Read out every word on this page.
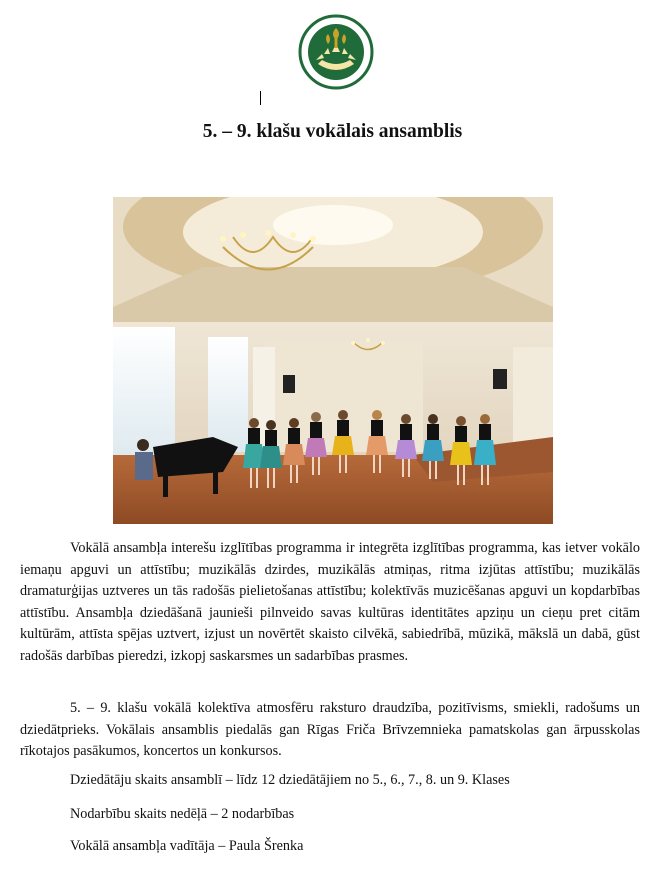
5. – 9. klašu vokālais ansamblis

Vokālā ansambļa interešu izglītības programma ir integrēta izglītības programma, kas ietver vokālo iemaņu apguvi un attīstību; muzikālās dzirdes, muzikālās atmiņas, ritma izjūtas attīstību; muzikālās dramaturģijas uztveres un tās radošās pielietošanas attīstību; kolektīvās muzicēšanas apguvi un kopdarbības attīstību. Ansambļa dziedāšanā jaunieši pilnveido savas kultūras identitātes apziņu un cieņu pret citām kultūrām, attīsta spējas uztvert, izjust un novērtēt skaisto cilvēkā, sabiedrībā, mūzikā, mākslā un dabā, gūst radošās darbības pieredzi, izkopj saskarsmes un sadarbības prasmes.

5. – 9. klašu vokālā kolektīva atmosfēru raksturo draudzība, pozitīvisms, smiekli, radošums un dziedātprieks. Vokālais ansamblis piedalās gan Rīgas Friča Brīvzemnieka pamatskolas gan ārpusskolas rīkotajos pasākumos, koncertos un konkursos.

Dziedātāju skaits ansamblī – līdz 12 dziedātājiem no 5., 6., 7., 8. un 9. Klases
Nodarbību skaits nedēļā – 2 nodarbības
Vokālā ansambļa vadītāja – Paula Šrenka
